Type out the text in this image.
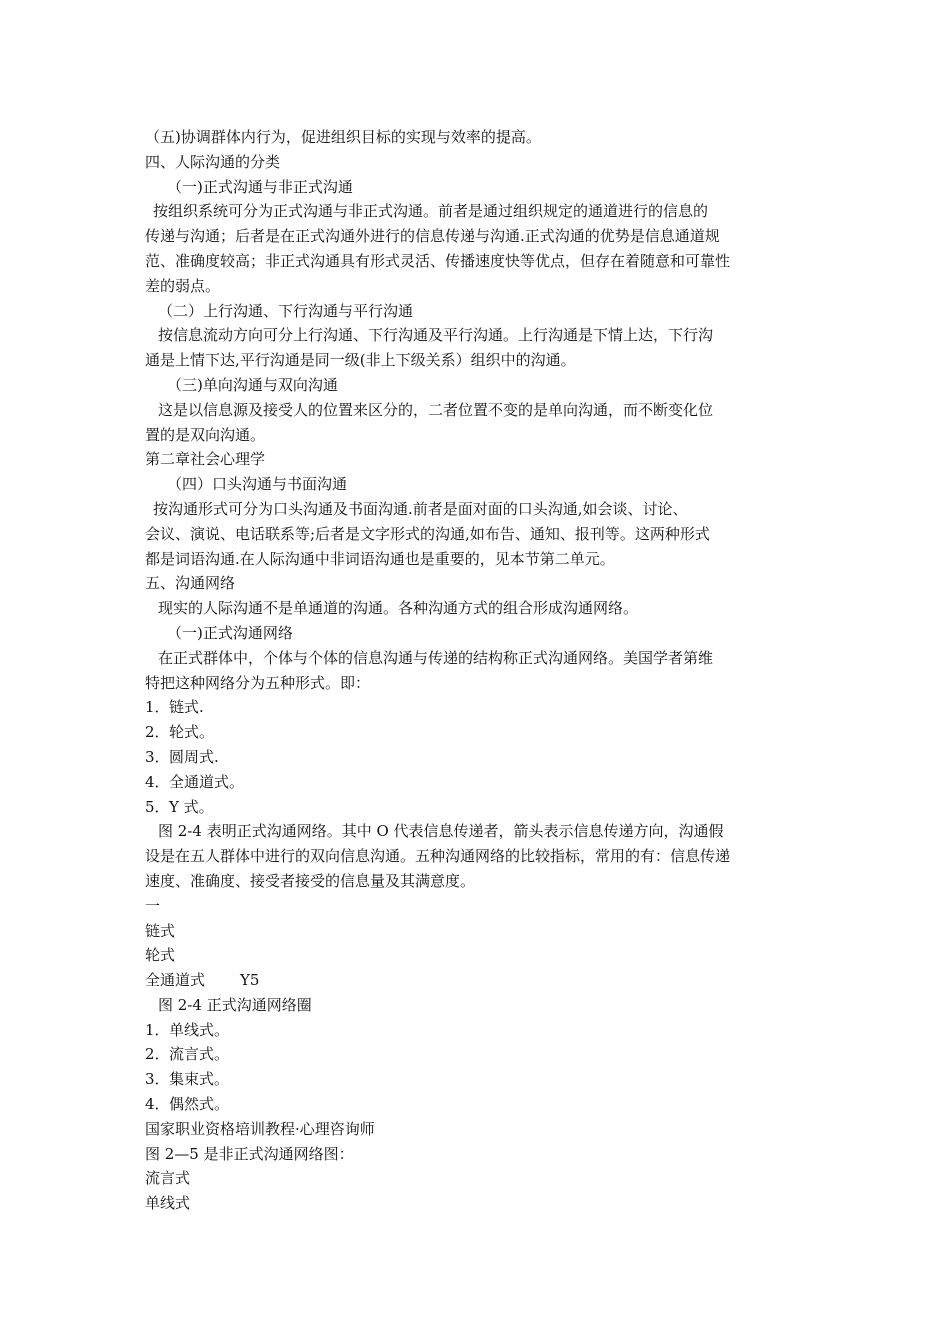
（五)协调群体内行为，促进组织目标的实现与效率的提高。
四、人际沟通的分类
（一)正式沟通与非正式沟通
按组织系统可分为正式沟通与非正式沟通。前者是通过组织规定的通道进行的信息的
传递与沟通；后者是在正式沟通外进行的信息传递与沟通.正式沟通的优势是信息通道规
范、准确度较高；非正式沟通具有形式灵活、传播速度快等优点，但存在着随意和可靠性
差的弱点。
（二）上行沟通、下行沟通与平行沟通
按信息流动方向可分上行沟通、下行沟通及平行沟通。上行沟通是下情上达，下行沟
通是上情下达,平行沟通是同一级(非上下级关系）组织中的沟通。
（三)单向沟通与双向沟通
这是以信息源及接受人的位置来区分的，二者位置不变的是单向沟通，而不断变化位
置的是双向沟通。
第二章社会心理学
（四）口头沟通与书面沟通
按沟通形式可分为口头沟通及书面沟通.前者是面对面的口头沟通,如会谈、讨论、
会议、演说、电话联系等;后者是文字形式的沟通,如布告、通知、报刊等。这两种形式
都是词语沟通.在人际沟通中非词语沟通也是重要的，见本节第二单元。
五、沟通网络
现实的人际沟通不是单通道的沟通。各种沟通方式的组合形成沟通网络。
（一)正式沟通网络
在正式群体中，个体与个体的信息沟通与传递的结构称正式沟通网络。美国学者第维
特把这种网络分为五种形式。即：
1．链式.
2．轮式。
3．圆周式.
4．全通道式。
5．Y 式。
图 2-4 表明正式沟通网络。其中 O 代表信息传递者，箭头表示信息传递方向，沟通假
设是在五人群体中进行的双向信息沟通。五种沟通网络的比较指标，常用的有：信息传递
速度、准确度、接受者接受的信息量及其满意度。
一
链式
轮式
全通道式 Y5
图 2-4 正式沟通网络圈
1．单线式。
2．流言式。
3．集束式。
4．偶然式。
国家职业资格培训教程·心理咨询师
图 2—5 是非正式沟通网络图：
流言式
单线式
